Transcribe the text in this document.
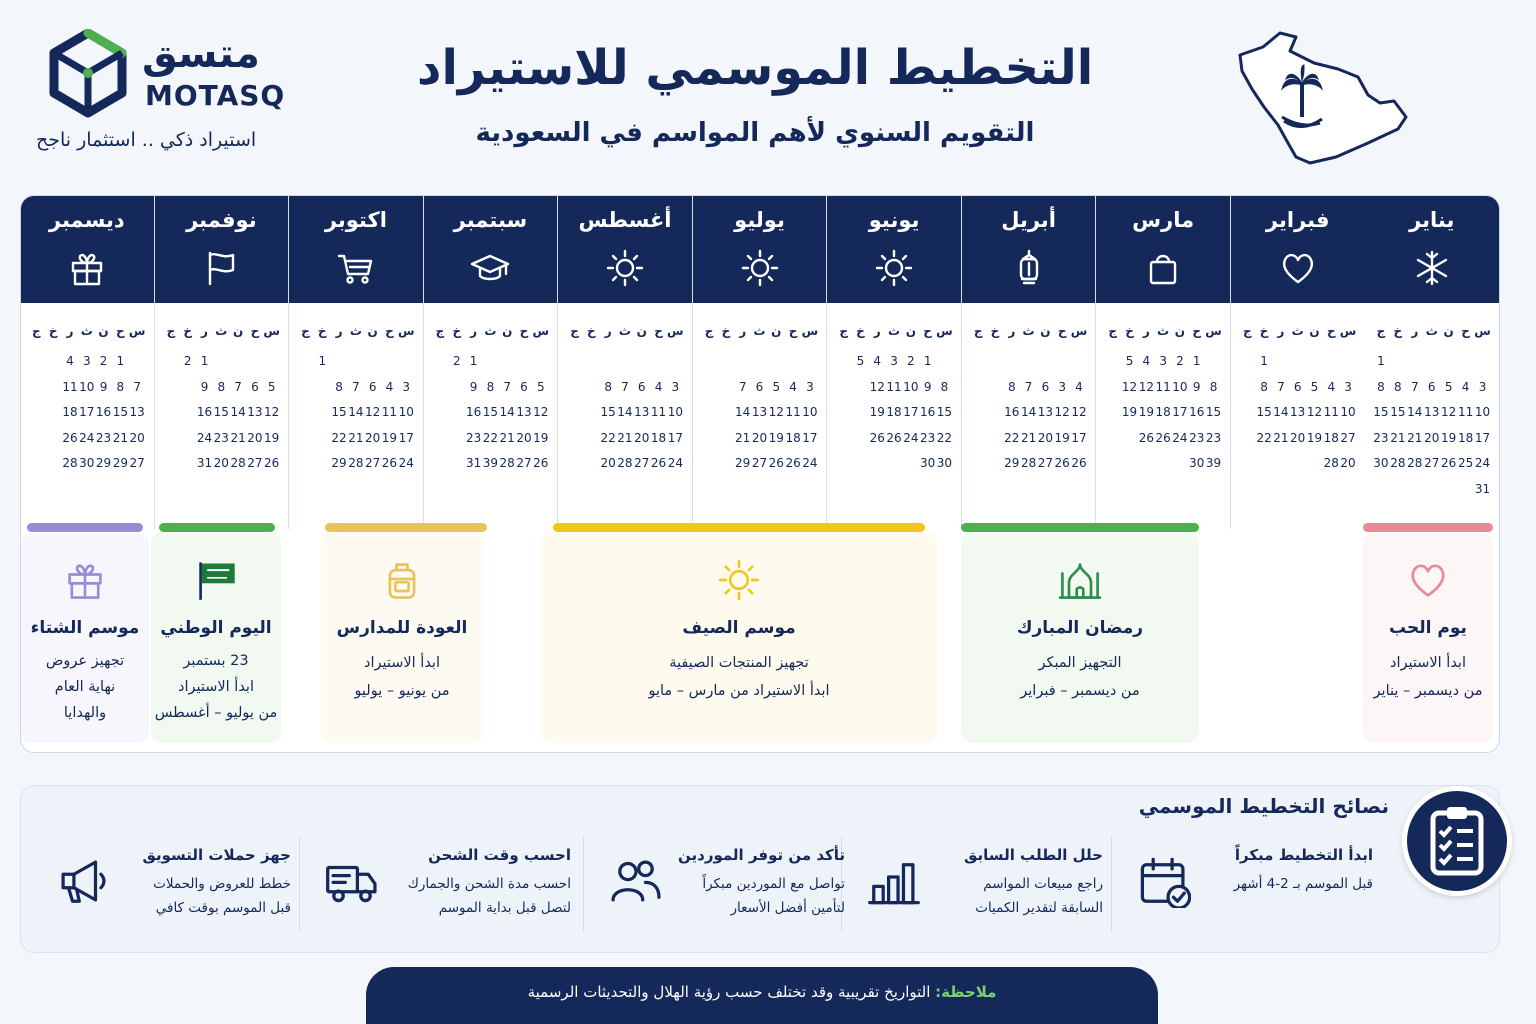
متسق
MOTASQ
استيراد ذكي .. استثمار ناجح
التخطيط الموسمي للاستيراد
التقويم السنوي لأهم المواسم في السعودية
يناير
س
ح
ن
ث
ر
خ
ج
1
3
4
5
6
7
8
8
10
11
12
13
14
15
15
17
18
19
20
21
21
23
24
25
26
27
28
28
30
31
فبراير
س
ح
ن
ث
ر
خ
ج
1
3
4
5
6
7
8
10
11
12
13
14
15
27
18
19
20
21
22
20
28
مارس
س
ح
ن
ث
ر
خ
ج
1
2
3
4
5
8
9
10
11
12
12
15
16
17
18
19
19
23
23
24
26
26
39
30
أبريل
س
ح
ن
ث
ر
خ
ج
4
3
6
7
8
12
12
13
14
16
17
19
20
21
22
26
26
27
28
29
يونيو
س
ح
ن
ث
ر
خ
ج
1
2
3
4
5
8
9
10
11
12
15
16
17
18
19
22
23
24
26
26
30
30
يوليو
س
ح
ن
ث
ر
خ
ج
3
4
5
6
7
10
11
12
13
14
17
18
19
20
21
24
26
26
27
29
أغسطس
س
ح
ن
ث
ر
خ
ج
3
4
6
7
8
10
11
13
14
15
17
18
20
21
22
24
26
27
28
20
سبتمبر
س
ح
ن
ث
ر
خ
ج
1
2
5
6
7
8
9
12
13
14
15
16
19
20
21
22
23
26
27
28
39
31
اكتوبر
س
ح
ن
ث
ر
خ
ج
1
3
4
6
7
8
10
11
12
14
15
17
19
20
21
22
24
26
27
28
29
نوفمبر
س
ح
ن
ث
ر
خ
ج
1
2
5
6
7
8
9
12
13
14
15
16
19
20
21
23
24
26
27
28
20
31
ديسمبر
س
ح
ن
ث
ر
خ
ج
1
2
3
4
7
8
9
10
11
13
15
16
17
18
20
21
23
24
26
27
29
29
30
28
يوم الحب
ابدأ الاستيراد
من ديسمبر – يناير
رمضان المبارك
التجهيز المبكر
من ديسمبر – فبراير
موسم الصيف
تجهيز المنتجات الصيفية
ابدأ الاستيراد من مارس – مايو
العودة للمدارس
ابدأ الاستيراد
من يونيو – يوليو
اليوم الوطني
23 بستمبر
ابدأ الاستيراد
من يوليو – أغسطس
موسم الشتاء
تجهيز عروض
نهاية العام
والهدايا
نصائح التخطيط الموسمي
ابدأ التخطيط مبكراً
قبل الموسم بـ 2-4 أشهر
حلل الطلب السابق
راجع مبيعات المواسم
السابقة لتقدير الكميات
تأكد من توفر الموردين
تواصل مع الموردين مبكراً
لتأمين أفضل الأسعار
احسب وقت الشحن
احسب مدة الشحن والجمارك
لتصل قبل بداية الموسم
جهز حملات التسويق
خطط للعروض والحملات
قبل الموسم بوقت كافي
ملاحظة: التواريخ تقريبية وقد تختلف حسب رؤية الهلال والتحديثات الرسمية
